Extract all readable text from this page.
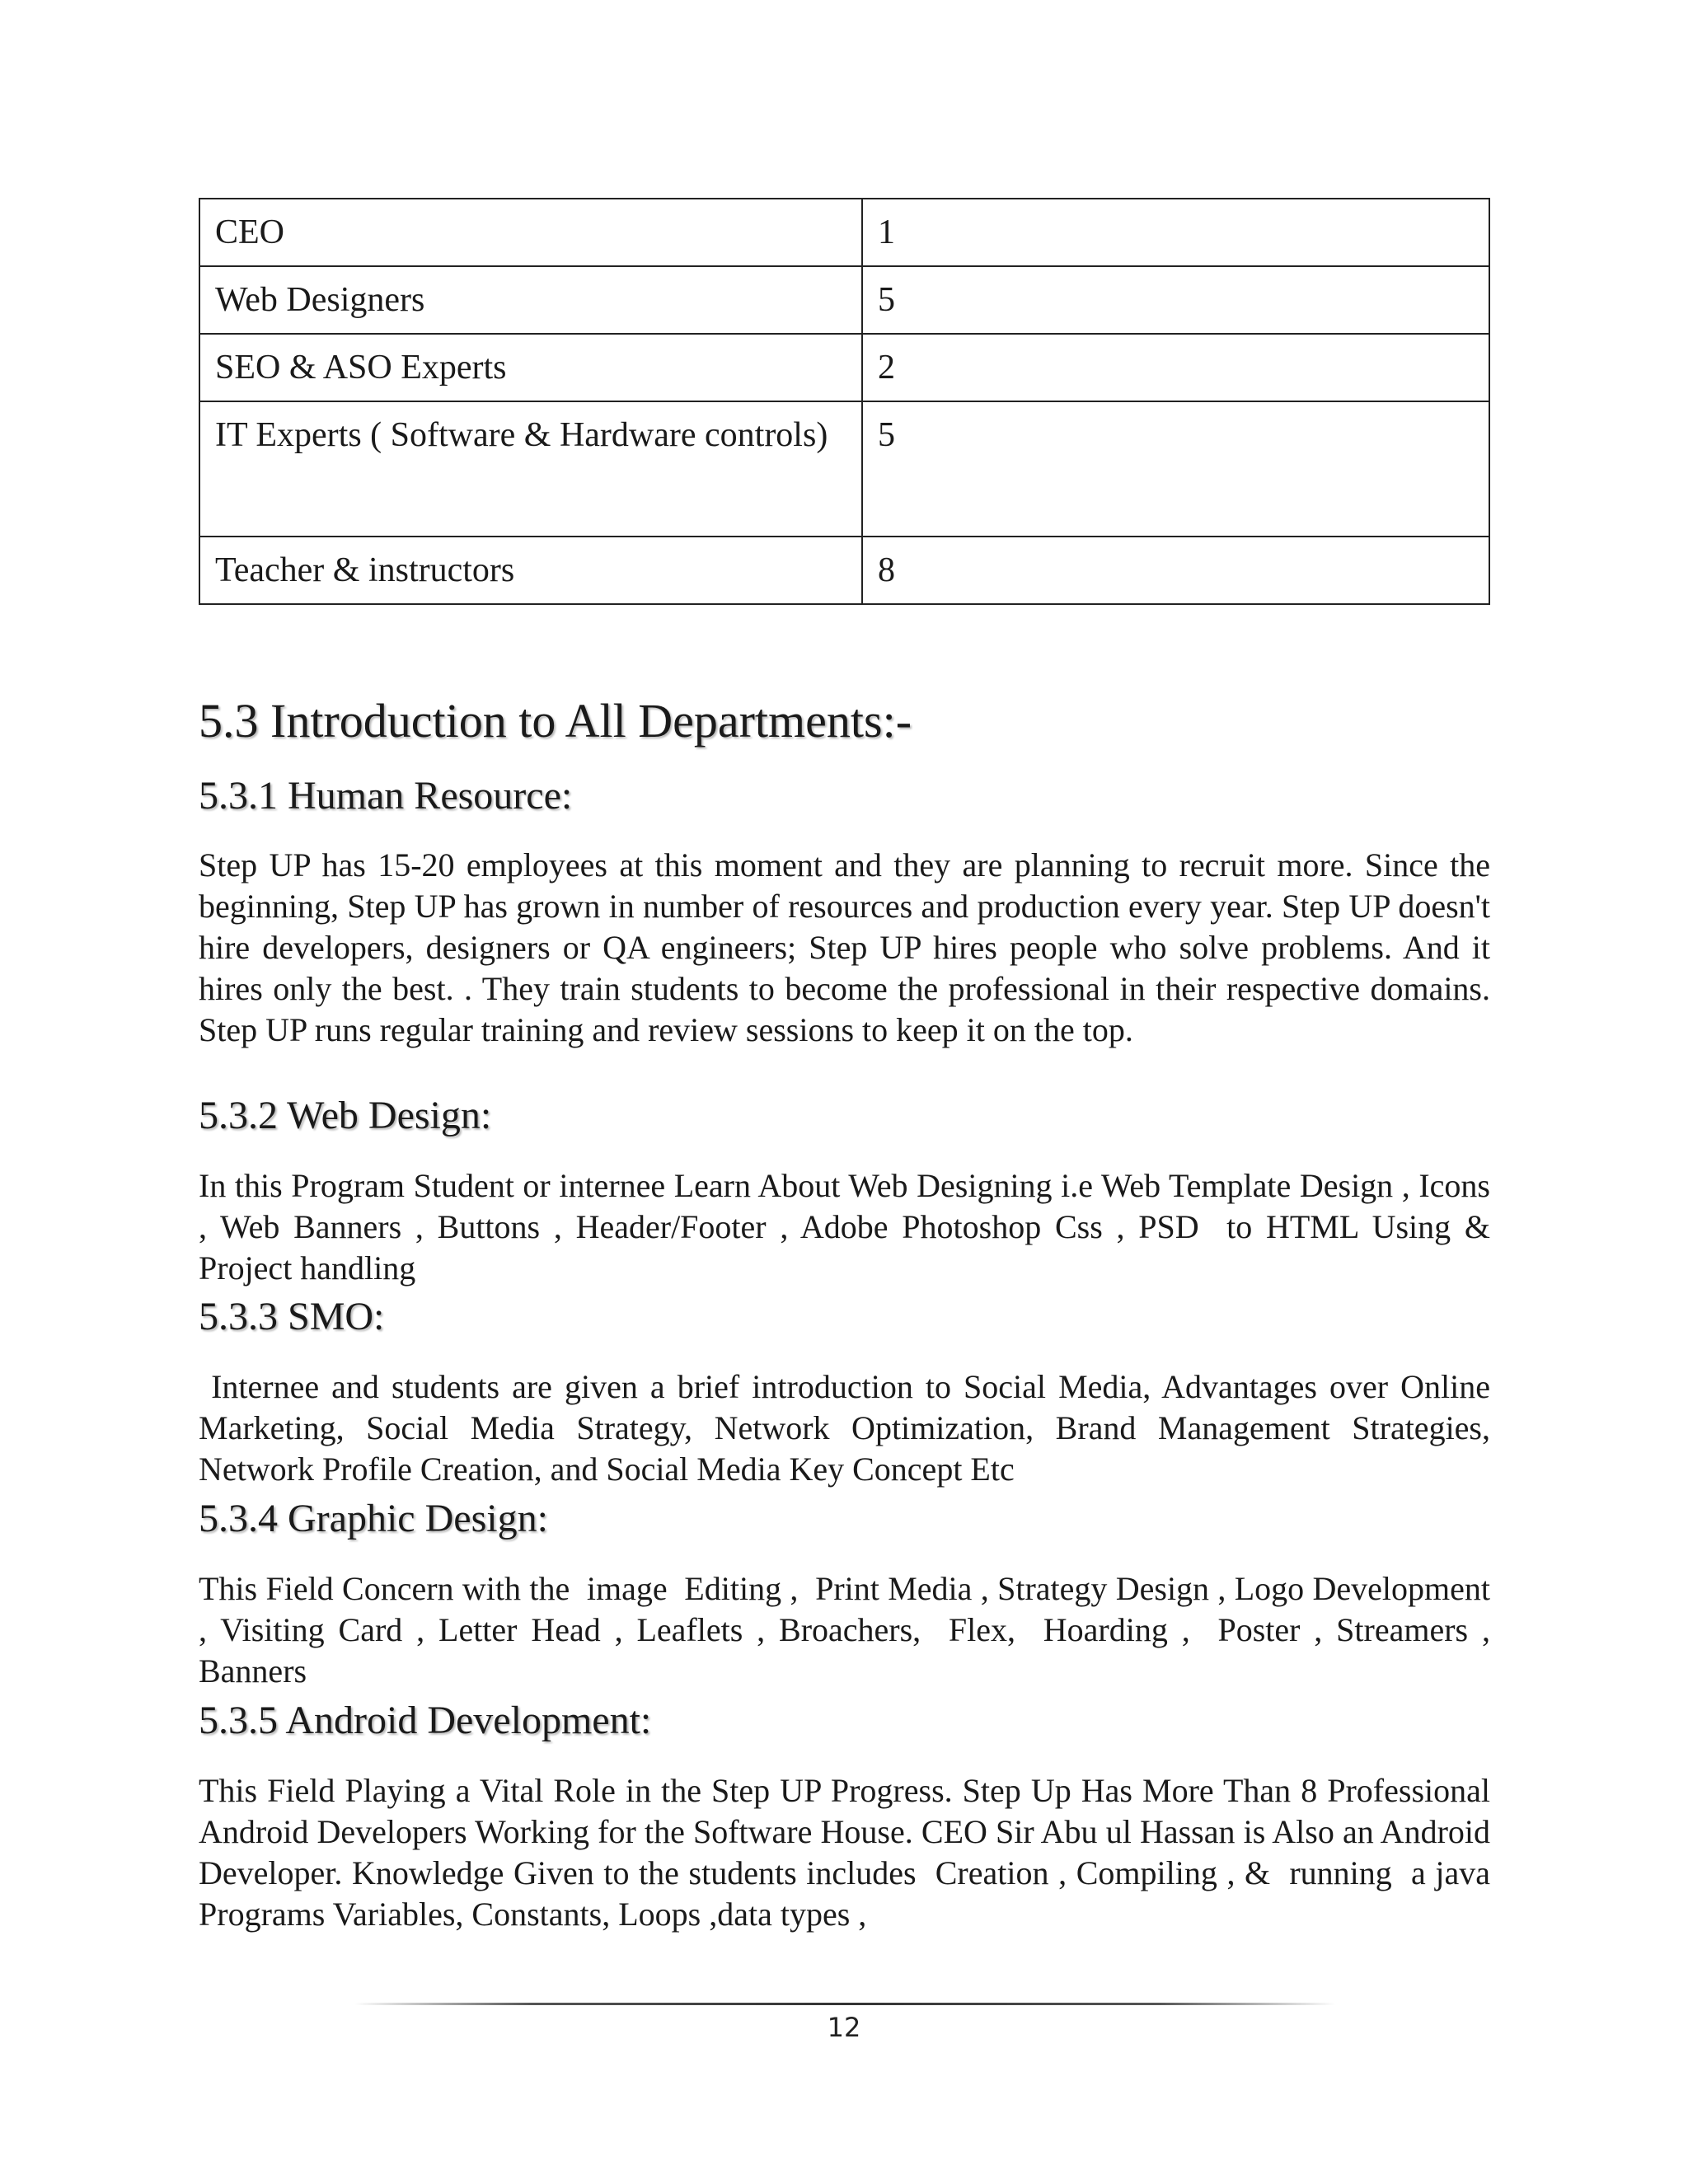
CEO	1
Web Designers	5
SEO & ASO Experts	2
IT Experts ( Software & Hardware controls)	5
Teacher & instructors	8
5.3 Introduction to All Departments:-
5.3.1 Human Resource:

Step UP has 15-20 employees at this moment and they are planning to recruit more. Since the beginning, Step UP has grown in number of resources and production every year. Step UP doesn't hire developers, designers or QA engineers; Step UP hires people who solve problems. And it hires only the best. . They train students to become the professional in their respective domains. Step UP runs regular training and review sessions to keep it on the top.

5.3.2 Web Design:

In this Program Student or internee Learn About Web Designing i.e Web Template Design , Icons , Web Banners , Buttons , Header/Footer , Adobe Photoshop Css , PSD  to HTML Using & Project handling

5.3.3 SMO:

Internee and students are given a brief introduction to Social Media, Advantages over Online Marketing, Social Media Strategy, Network Optimization, Brand Management Strategies, Network Profile Creation, and Social Media Key Concept Etc

5.3.4 Graphic Design:

This Field Concern with the  image  Editing ,  Print Media , Strategy Design , Logo Development , Visiting Card , Letter Head , Leaflets , Broachers,  Flex,  Hoarding ,  Poster , Streamers , Banners

5.3.5 Android Development:

This Field Playing a Vital Role in the Step UP Progress. Step Up Has More Than 8 Professional Android Developers Working for the Software House. CEO Sir Abu ul Hassan is Also an Android Developer. Knowledge Given to the students includes  Creation , Compiling , &  running  a java Programs Variables, Constants, Loops ,data types ,

12
